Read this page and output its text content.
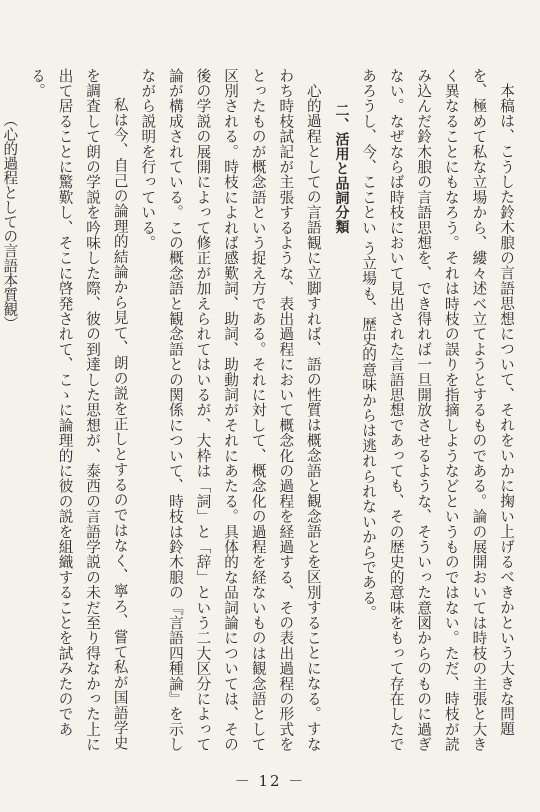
本稿は、こうした鈴木朖の言語思想について、それをいかに掬い上げるべきかという大きな問題を、極めて私な立場から、縷々述べ立てようとするものである。論の展開おいては時枝の主張と大きく異なることにもなろう。それは時枝の誤りを指摘しようなどというものではない。ただ、時枝が読み込んだ鈴木朖の言語思想を、でき得れば一旦開放させるような、そういった意図からのものに過ぎない。なぜならば時枝において見出された言語思想であっても、その歴史的意味をもって存在したであろうし、今、こことい う立場も、歴史的意味からは逃れられないからである。

二、活用と品詞分類

心的過程としての言語観に立脚すれば、語の性質は概念語と観念語とを区別することになる。すなわち時枝試記が主張するような、表出過程において概念化の過程を経過する、その表出過程の形式をとったものが概念語という捉え方である。それに対して、概念化の過程を経ないものは観念語として区別される。時枝によれば感歎詞、助詞、助動詞がそれにあたる。具体的な品詞論については、その後の学説の展開によって修正が加えられてはいるが、大枠は「詞」と「辞」という二大区分によって論が構成されている。この概念語と観念語との関係について、時枝は鈴木朖の『言語四種論』を示しながら説明を行っている。

私は今、自己の論理的結論から見て、朗の説を正しとするのではなく、寧ろ、嘗て私が国語学史を調査して朗の学説を吟味した際、彼の到達した思想が、泰西の言語学説の未だ至り得なかった上に出て居ることに驚歎し、そこに啓発されて、こゝに論理的に彼の説を組織することを試みたのである。

（心的過程としての言語本質観）

－ 12 －
